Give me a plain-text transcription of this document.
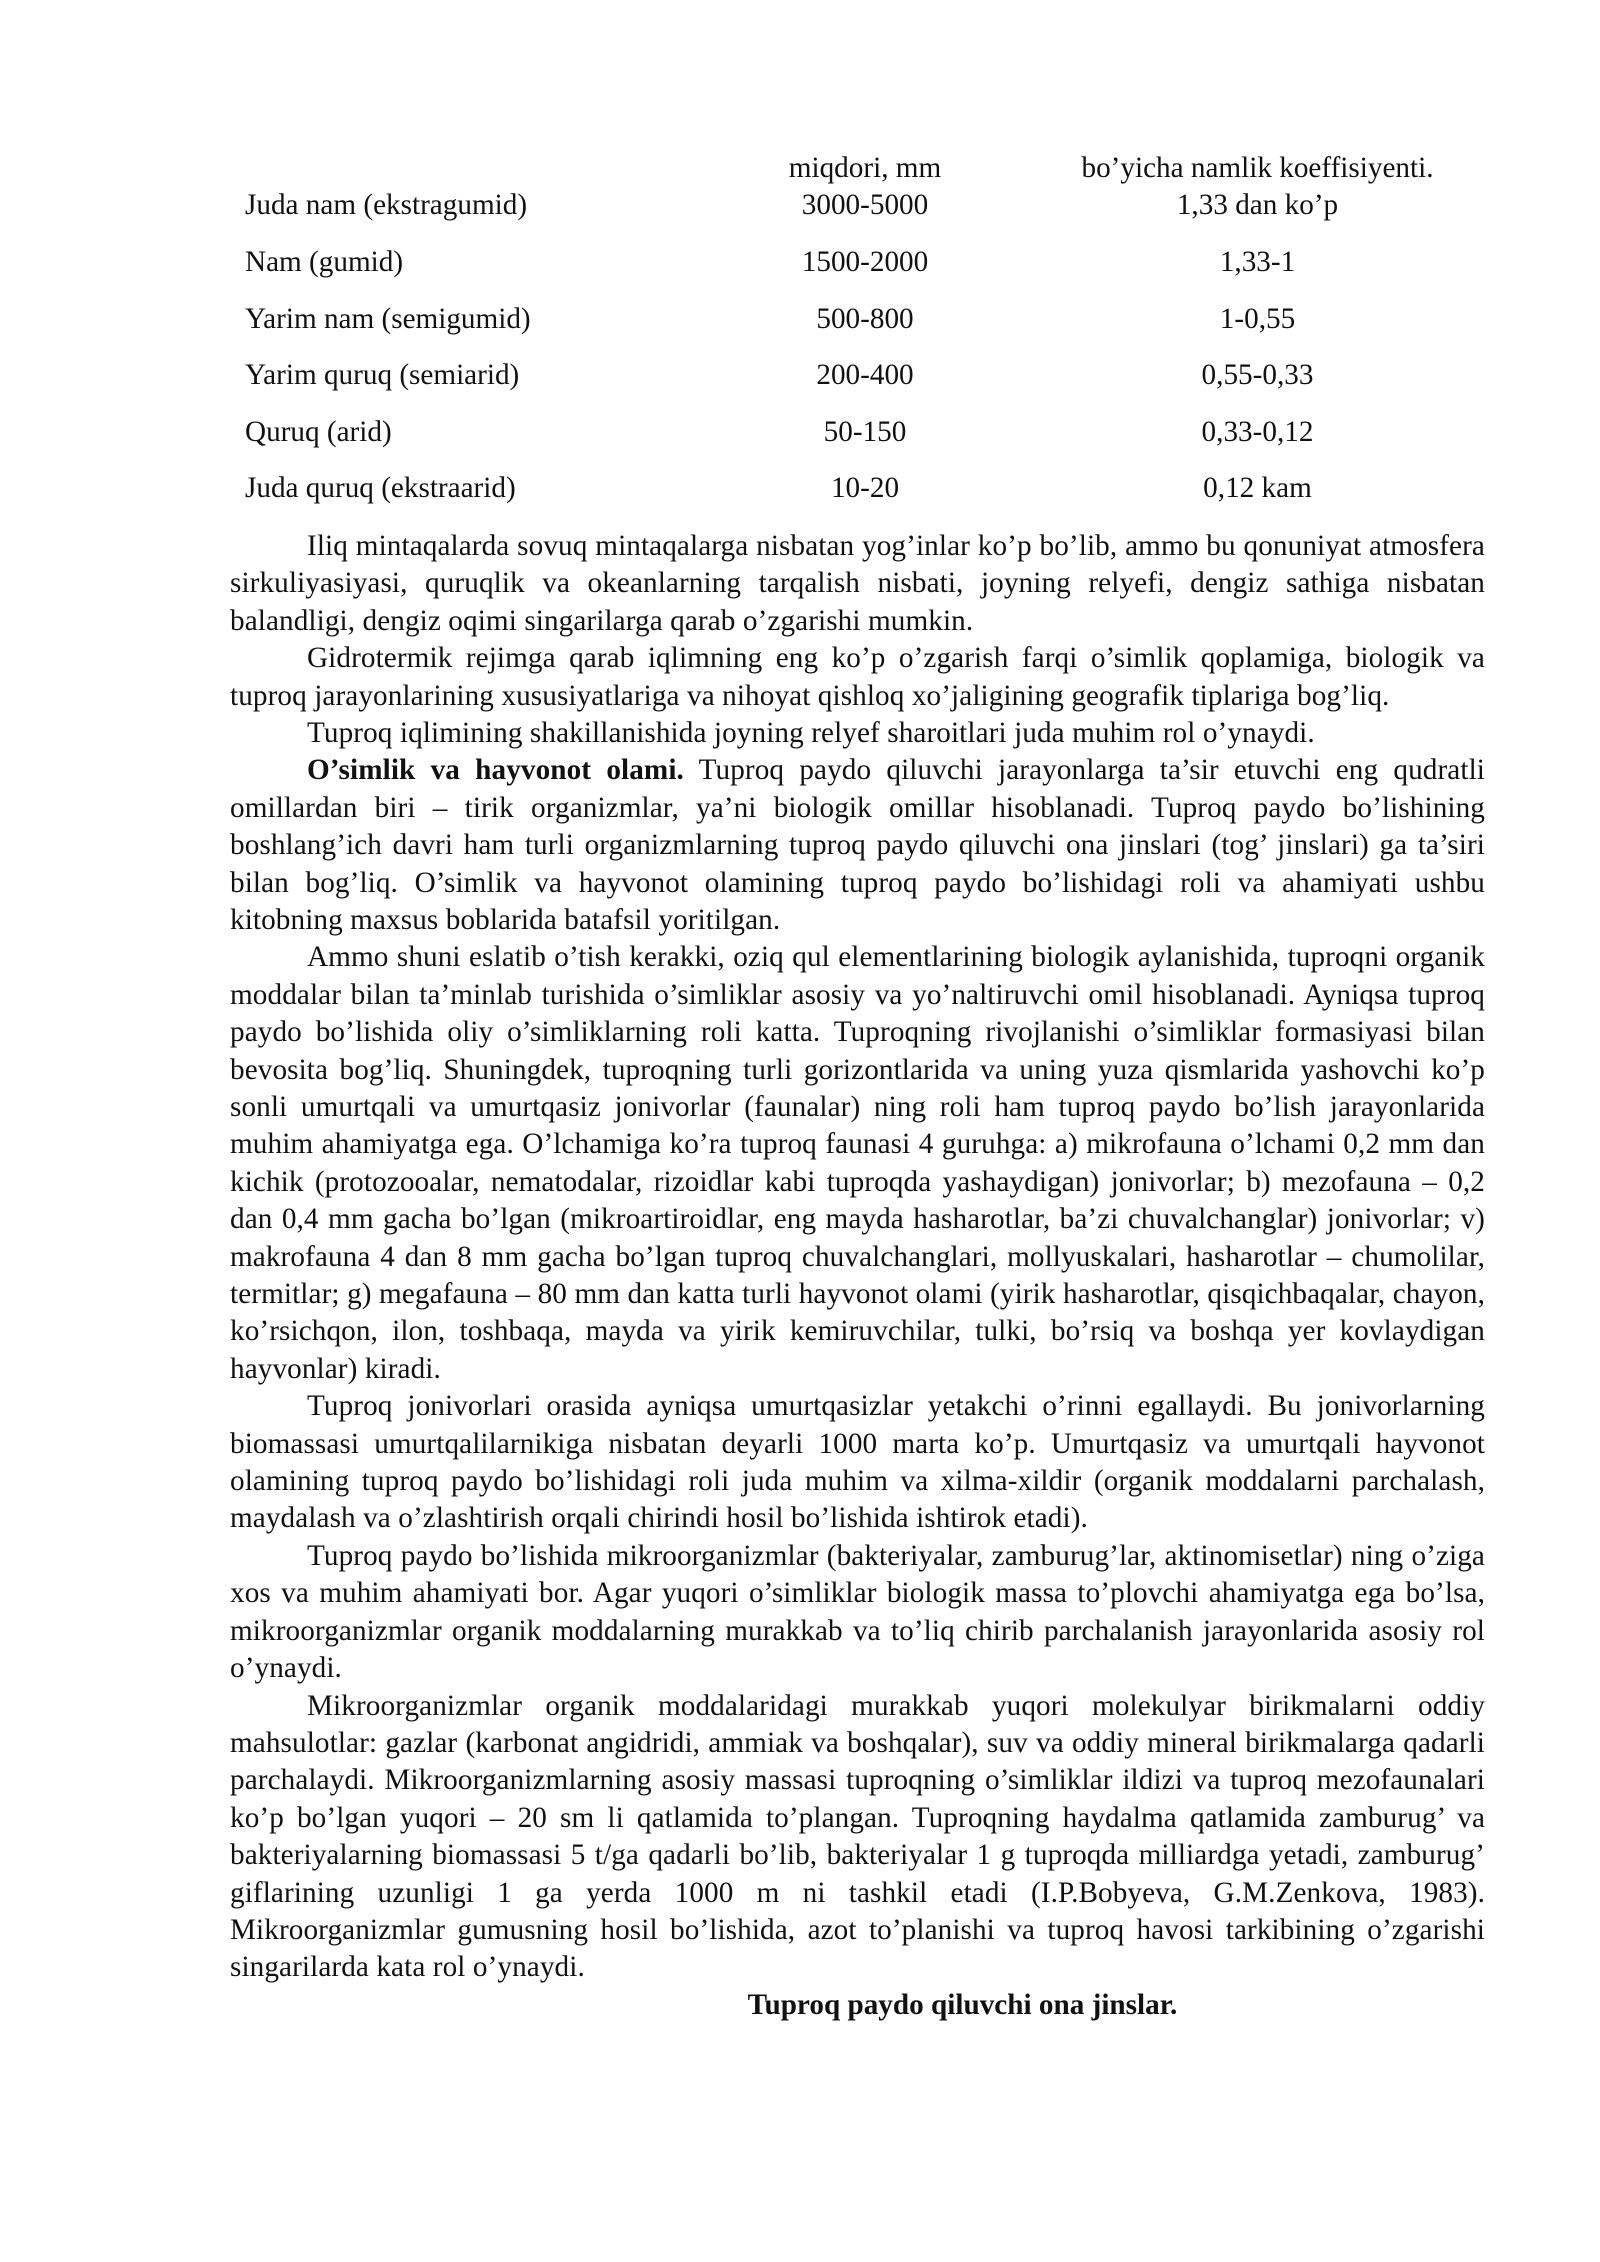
	miqdori, mm	bo’yicha namlik koeffisiyenti.
Juda nam (ekstragumid)	3000-5000	1,33 dan ko’p
Nam (gumid)	1500-2000	1,33-1
Yarim nam (semigumid)	500-800	1-0,55
Yarim quruq (semiarid)	200-400	0,55-0,33
Quruq (arid)	50-150	0,33-0,12
Juda quruq (ekstraarid)	10-20	0,12 kam

Iliq mintaqalarda sovuq mintaqalarga nisbatan yog’inlar ko’p bo’lib, ammo bu qonuniyat atmosfera sirkuliyasiyasi, quruqlik va okeanlarning tarqalish nisbati, joyning relyefi, dengiz sathiga nisbatan balandligi, dengiz oqimi singarilarga qarab o’zgarishi mumkin.

Gidrotermik rejimga qarab iqlimning eng ko’p o’zgarish farqi o’simlik qoplamiga, biologik va tuproq jarayonlarining xususiyatlariga va nihoyat qishloq xo’jaligining geografik tiplariga bog’liq.

Tuproq iqlimining shakillanishida joyning relyef sharoitlari juda muhim rol o’ynaydi.

O’simlik va hayvonot olami. Tuproq paydo qiluvchi jarayonlarga ta’sir etuvchi eng qudratli omillardan biri – tirik organizmlar, ya’ni biologik omillar hisoblanadi. Tuproq paydo bo’lishining boshlang’ich davri ham turli organizmlarning tuproq paydo qiluvchi ona jinslari (tog’ jinslari) ga ta’siri bilan bog’liq. O’simlik va hayvonot olamining tuproq paydo bo’lishidagi roli va ahamiyati ushbu kitobning maxsus boblarida batafsil yoritilgan.

Ammo shuni eslatib o’tish kerakki, oziq qul elementlarining biologik aylanishida, tuproqni organik moddalar bilan ta’minlab turishida o’simliklar asosiy va yo’naltiruvchi omil hisoblanadi. Ayniqsa tuproq paydo bo’lishida oliy o’simliklarning roli katta. Tuproqning rivojlanishi o’simliklar formasiyasi bilan bevosita bog’liq. Shuningdek, tuproqning turli gorizontlarida va uning yuza qismlarida yashovchi ko’p sonli umurtqali va umurtqasiz jonivorlar (faunalar) ning roli ham tuproq paydo bo’lish jarayonlarida muhim ahamiyatga ega. O’lchamiga ko’ra tuproq faunasi 4 guruhga: a) mikrofauna o’lchami 0,2 mm dan kichik (protozooalar, nematodalar, rizoidlar kabi tuproqda yashaydigan) jonivorlar; b) mezofauna – 0,2 dan 0,4 mm gacha bo’lgan (mikroartiroidlar, eng mayda hasharotlar, ba’zi chuvalchanglar) jonivorlar; v) makrofauna 4 dan 8 mm gacha bo’lgan tuproq chuvalchanglari, mollyuskalari, hasharotlar – chumolilar, termitlar; g) megafauna – 80 mm dan katta turli hayvonot olami (yirik hasharotlar, qisqichbaqalar, chayon, ko’rsichqon, ilon, toshbaqa, mayda va yirik kemiruvchilar, tulki, bo’rsiq va boshqa yer kovlaydigan hayvonlar) kiradi.

Tuproq jonivorlari orasida ayniqsa umurtqasizlar yetakchi o’rinni egallaydi. Bu jonivorlarning biomassasi umurtqalilarnikiga nisbatan deyarli 1000 marta ko’p. Umurtqasiz va umurtqali hayvonot olamining tuproq paydo bo’lishidagi roli juda muhim va xilma-xildir (organik moddalarni parchalash, maydalash va o’zlashtirish orqali chirindi hosil bo’lishida ishtirok etadi).

Tuproq paydo bo’lishida mikroorganizmlar (bakteriyalar, zamburug’lar, aktinomisetlar) ning o’ziga xos va muhim ahamiyati bor. Agar yuqori o’simliklar biologik massa to’plovchi ahamiyatga ega bo’lsa, mikroorganizmlar organik moddalarning murakkab va to’liq chirib parchalanish jarayonlarida asosiy rol o’ynaydi.

Mikroorganizmlar organik moddalaridagi murakkab yuqori molekulyar birikmalarni oddiy mahsulotlar: gazlar (karbonat angidridi, ammiak va boshqalar), suv va oddiy mineral birikmalarga qadarli parchalaydi. Mikroorganizmlarning asosiy massasi tuproqning o’simliklar ildizi va tuproq mezofaunalari ko’p bo’lgan yuqori – 20 sm li qatlamida to’plangan. Tuproqning haydalma qatlamida zamburug’ va bakteriyalarning biomassasi 5 t/ga qadarli bo’lib, bakteriyalar 1 g tuproqda milliardga yetadi, zamburug’ giflarining uzunligi 1 ga yerda 1000 m ni tashkil etadi (I.P.Bobyeva, G.M.Zenkova, 1983). Mikroorganizmlar gumusning hosil bo’lishida, azot to’planishi va tuproq havosi tarkibining o’zgarishi singarilarda kata rol o’ynaydi.

Tuproq paydo qiluvchi ona jinslar.
